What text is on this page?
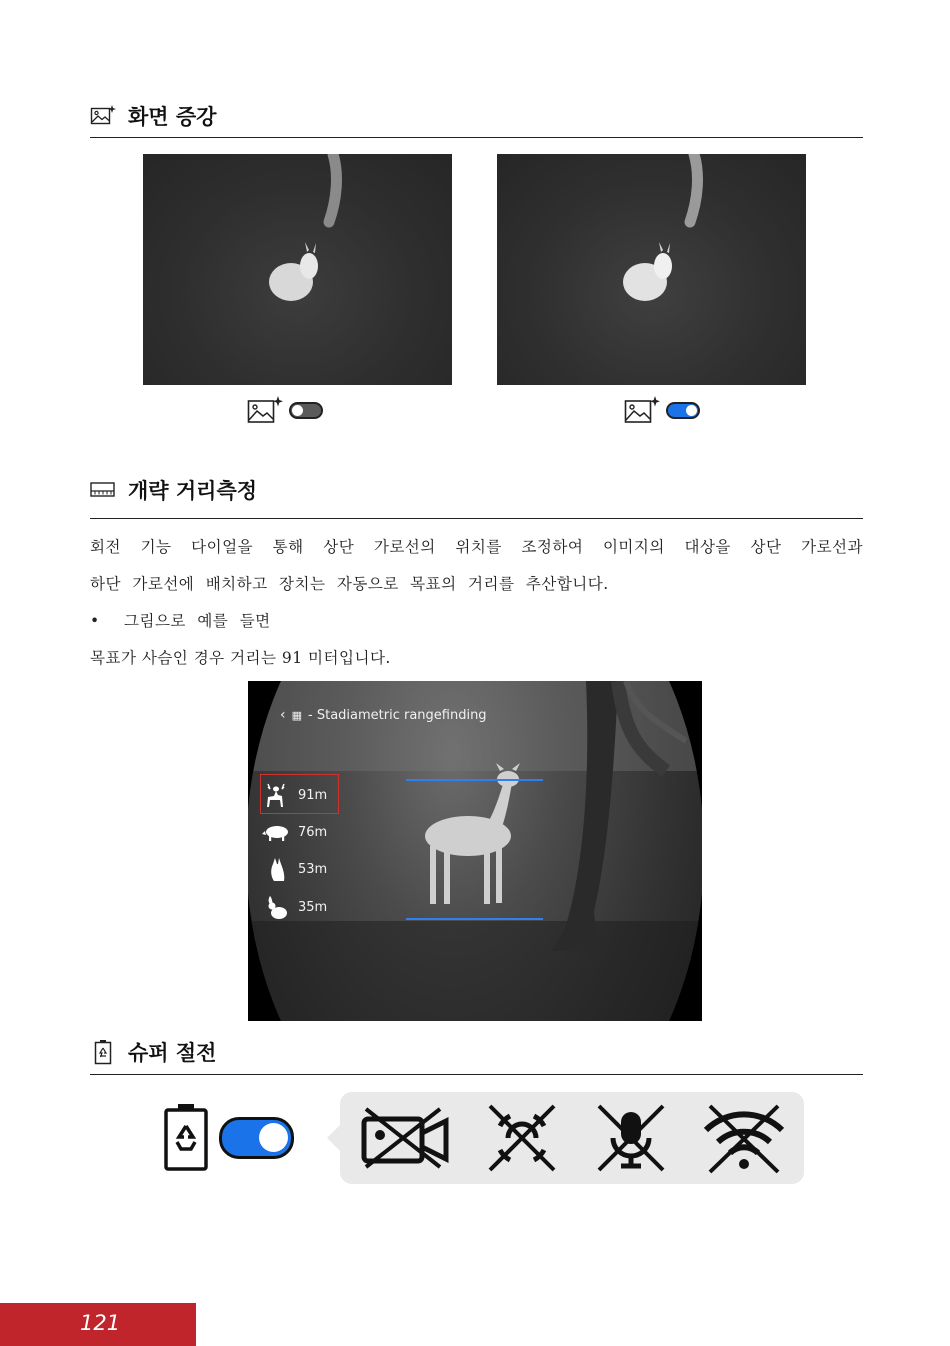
화면 증강
개략 거리측정
회전 기능 다이얼을 통해 상단 가로선의 위치를 조정하여 이미지의 대상을 상단 가로선과
하단 가로선에 배치하고 장치는 자동으로 목표의 거리를 추산합니다.
• 그림으로 예를 들면
목표가 사슴인 경우 거리는 91 미터입니다.
‹ ▦ - Stadiametric rangefinding
91m
76m
53m
35m
슈퍼 절전
121
